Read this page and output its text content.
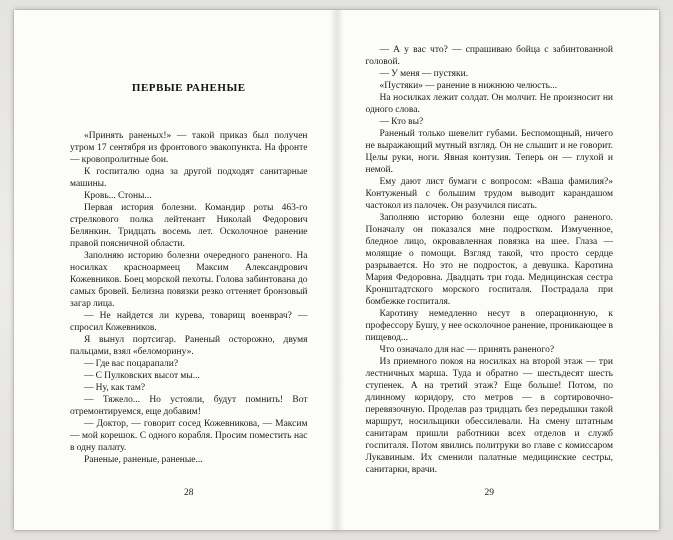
ПЕРВЫЕ РАНЕНЫЕ

«Принять раненых!» — такой приказ был получен утром 17 сентября из фронтового эвакопункта. На фронте — кровопролитные бои.

К госпиталю одна за другой подходят санитарные машины.

Кровь... Стоны...

Первая история болезни. Командир роты 463-го стрелкового полка лейтенант Николай Федорович Белянкин. Тридцать восемь лет. Осколочное ранение правой поясничной области.

Заполняю историю болезни очередного раненого. На носилках красноармеец Максим Александрович Кожевников. Боец морской пехоты. Голова забинтована до самых бровей. Белизна повязки резко оттеняет бронзовый загар лица.

— Не найдется ли курева, товарищ военврач? — спросил Кожевников.

Я вынул портсигар. Раненый осторожно, двумя пальцами, взял «беломорину».

— Где вас поцарапали?

— С Пулковских высот мы...

— Ну, как там?

— Тяжело... Но устояли, будут помнить! Вот отремонтируемся, еще добавим!

— Доктор, — говорит сосед Кожевникова, — Максим — мой корешок. С одного корабля. Просим поместить нас в одну палату.

Раненые, раненые, раненые...

28

— А у вас что? — спрашиваю бойца с забинтованной головой.

— У меня — пустяки.

«Пустяки» — ранение в нижнюю челюсть...

На носилках лежит солдат. Он молчит. Не произносит ни одного слова.

— Кто вы?

Раненый только шевелит губами. Беспомощный, ничего не выражающий мутный взгляд. Он не слышит и не говорит. Целы руки, ноги. Явная контузия. Теперь он — глухой и немой.

Ему дают лист бумаги с вопросом: «Ваша фамилия?» Контуженый с большим трудом выводит карандашом частокол из палочек. Он разучился писать.

Заполняю историю болезни еще одного раненого. Поначалу он показался мне подростком. Измученное, бледное лицо, окровавленная повязка на шее. Глаза — молящие о помощи. Взгляд такой, что просто сердце разрывается. Но это не подросток, а девушка. Каротина Мария Федоровна. Двадцать три года. Медицинская сестра Кронштадтского морского госпиталя. Пострадала при бомбежке госпиталя.

Каротину немедленно несут в операционную, к профессору Бушу, у нее осколочное ранение, проникающее в пищевод...

Что означало для нас — принять раненого?

Из приемного покоя на носилках на второй этаж — три лестничных марша. Туда и обратно — шестьдесят шесть ступенек. А на третий этаж? Еще больше! Потом, по длинному коридору, сто метров — в сортировочно-перевязочную. Проделав раз тридцать без передышки такой маршрут, носильщики обессилевали. На смену штатным санитарам пришли работники всех отделов и служб госпиталя. Потом явились политруки во главе с комиссаром Лукавиным. Их сменили палатные медицинские сестры, санитарки, врачи.

29
